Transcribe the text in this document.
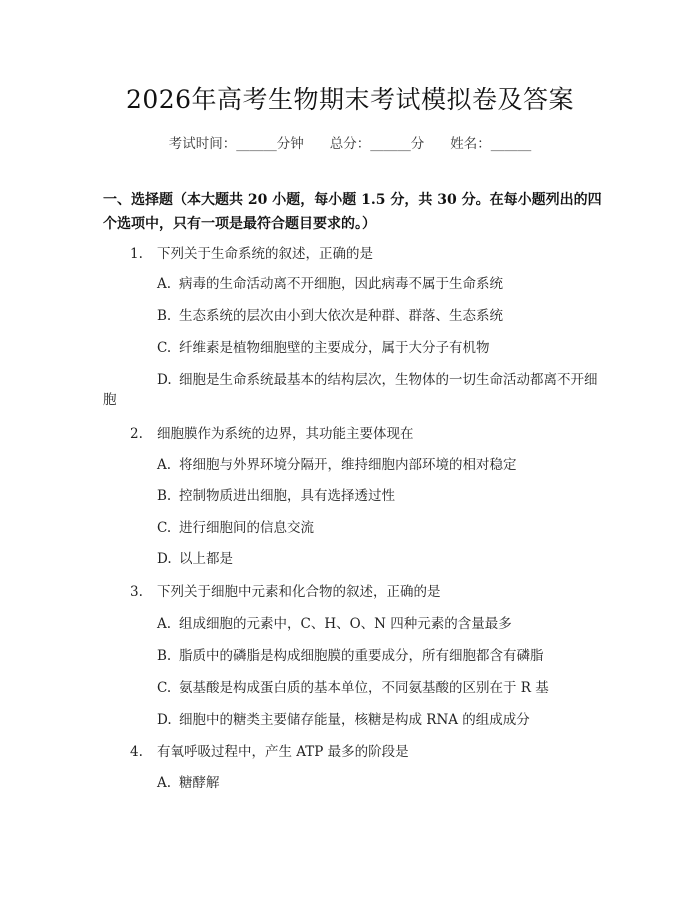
2026年高考生物期末考试模拟卷及答案
考试时间：______分钟 总分：______分 姓名：______
一、选择题（本大题共 20 小题，每小题 1.5 分，共 30 分。在每小题列出的四个选项中，只有一项是最符合题目要求的。）
1. 下列关于生命系统的叙述，正确的是
A. 病毒的生命活动离不开细胞，因此病毒不属于生命系统
B. 生态系统的层次由小到大依次是种群、群落、生态系统
C. 纤维素是植物细胞壁的主要成分，属于大分子有机物
D. 细胞是生命系统最基本的结构层次，生物体的一切生命活动都离不开细胞
2. 细胞膜作为系统的边界，其功能主要体现在
A. 将细胞与外界环境分隔开，维持细胞内部环境的相对稳定
B. 控制物质进出细胞，具有选择透过性
C. 进行细胞间的信息交流
D. 以上都是
3. 下列关于细胞中元素和化合物的叙述，正确的是
A. 组成细胞的元素中，C、H、O、N 四种元素的含量最多
B. 脂质中的磷脂是构成细胞膜的重要成分，所有细胞都含有磷脂
C. 氨基酸是构成蛋白质的基本单位，不同氨基酸的区别在于 R 基
D. 细胞中的糖类主要储存能量，核糖是构成 RNA 的组成成分
4. 有氧呼吸过程中，产生 ATP 最多的阶段是
A. 糖酵解
